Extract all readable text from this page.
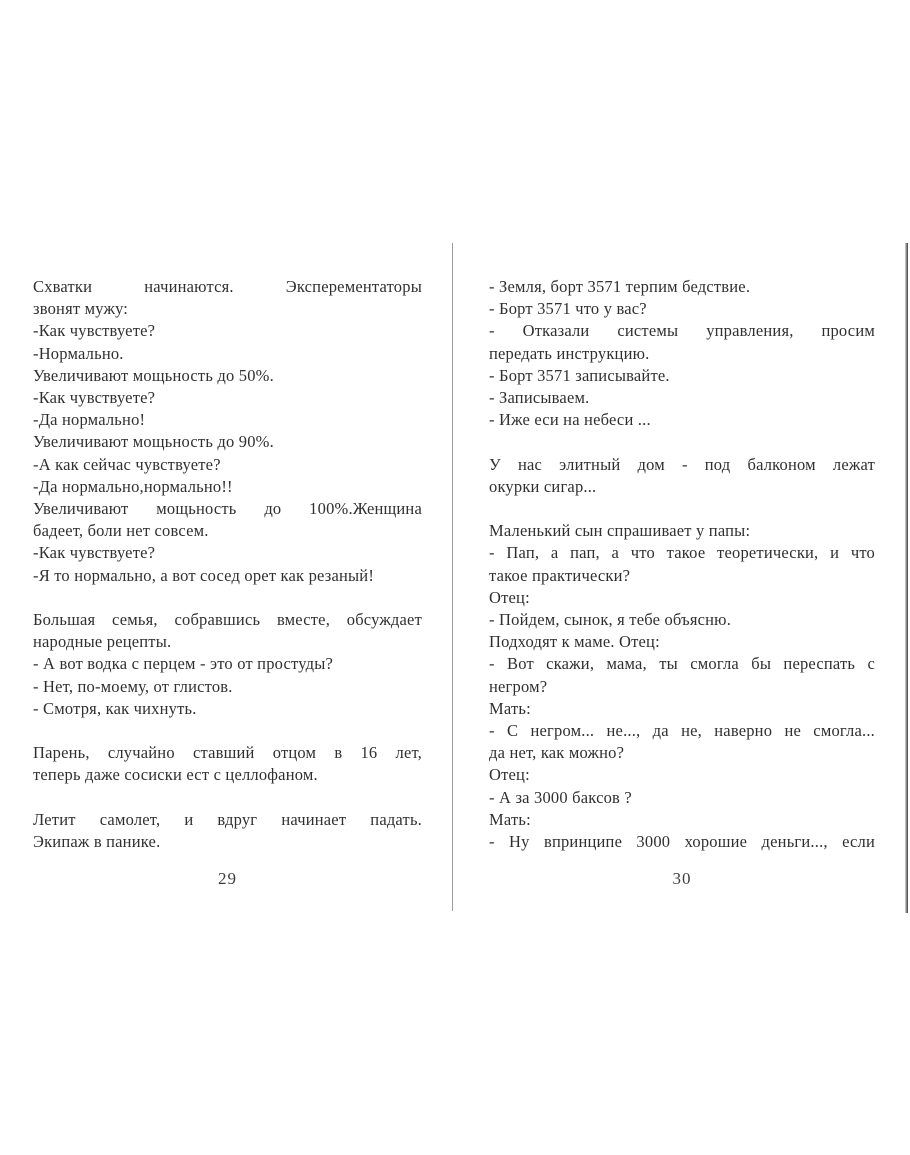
Схватки начинаются. Эксперементаторы
звонят мужу:
-Как чувствуете?
-Нормально.
Увеличивают мощьность до 50%.
-Как чувствуете?
-Да нормально!
Увеличивают мощьность до 90%.
-А как сейчас чувствуете?
-Да нормально,нормально!!
Увеличивают мощьность до 100%.Женщина
бадеет, боли нет совсем.
-Как чувствуете?
-Я то нормально, а вот сосед орет как резаный!
Большая семья, собравшись вместе, обсуждает
народные рецепты.
- А вот водка с перцем - это от простуды?
- Нет, по-моему, от глистов.
- Смотря, как чихнуть.
Парень, случайно ставший отцом в 16 лет,
теперь даже сосиски ест с целлофаном.
Летит самолет, и вдруг начинает падать.
Экипаж в панике.
29
- Земля, борт 3571 терпим бедствие.
- Борт 3571 что у вас?
- Отказали системы управления, просим
передать инструкцию.
- Борт 3571 записывайте.
- Записываем.
- Иже еси на небеси ...
У нас элитный дом - под балконом лежат
окурки сигар...
Маленький сын спрашивает у папы:
- Пап, а пап, а что такое теоретически, и что
такое практически?
Отец:
- Пойдем, сынок, я тебе объясню.
Подходят к маме. Отец:
- Вот скажи, мама, ты смогла бы переспать с
негром?
Мать:
- С негром... не..., да не, наверно не смогла...
да нет, как можно?
Отец:
- А за 3000 баксов ?
Мать:
- Ну впринципе 3000 хорошие деньги..., если
30
